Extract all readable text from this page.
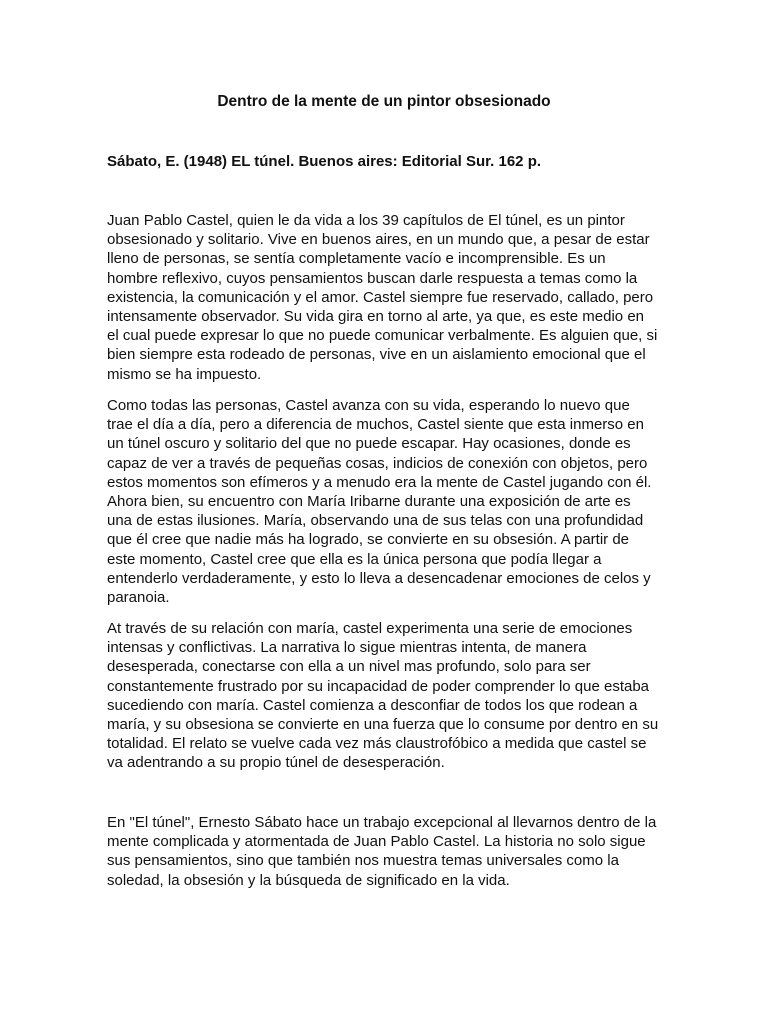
Dentro de la mente de un pintor obsesionado

Sábato, E. (1948) EL túnel. Buenos aires: Editorial Sur. 162 p.

Juan Pablo Castel, quien le da vida a los 39 capítulos de El túnel, es un pintor
obsesionado y solitario. Vive en buenos aires, en un mundo que, a pesar de estar
lleno de personas, se sentía completamente vacío e incomprensible. Es un
hombre reflexivo, cuyos pensamientos buscan darle respuesta a temas como la
existencia, la comunicación y el amor. Castel siempre fue reservado, callado, pero
intensamente observador. Su vida gira en torno al arte, ya que, es este medio en
el cual puede expresar lo que no puede comunicar verbalmente. Es alguien que, si
bien siempre esta rodeado de personas, vive en un aislamiento emocional que el
mismo se ha impuesto.
Como todas las personas, Castel avanza con su vida, esperando lo nuevo que
trae el día a día, pero a diferencia de muchos, Castel siente que esta inmerso en
un túnel oscuro y solitario del que no puede escapar. Hay ocasiones, donde es
capaz de ver a través de pequeñas cosas, indicios de conexión con objetos, pero
estos momentos son efímeros y a menudo era la mente de Castel jugando con él.
Ahora bien, su encuentro con María Iribarne durante una exposición de arte es
una de estas ilusiones. María, observando una de sus telas con una profundidad
que él cree que nadie más ha logrado, se convierte en su obsesión. A partir de
este momento, Castel cree que ella es la única persona que podía llegar a
entenderlo verdaderamente, y esto lo lleva a desencadenar emociones de celos y
paranoia.
At través de su relación con maría, castel experimenta una serie de emociones
intensas y conflictivas. La narrativa lo sigue mientras intenta, de manera
desesperada, conectarse con ella a un nivel mas profundo, solo para ser
constantemente frustrado por su incapacidad de poder comprender lo que estaba
sucediendo con maría. Castel comienza a desconfiar de todos los que rodean a
maría, y su obsesiona se convierte en una fuerza que lo consume por dentro en su
totalidad. El relato se vuelve cada vez más claustrofóbico a medida que castel se
va adentrando a su propio túnel de desesperación.
En "El túnel", Ernesto Sábato hace un trabajo excepcional al llevarnos dentro de la
mente complicada y atormentada de Juan Pablo Castel. La historia no solo sigue
sus pensamientos, sino que también nos muestra temas universales como la
soledad, la obsesión y la búsqueda de significado en la vida.
